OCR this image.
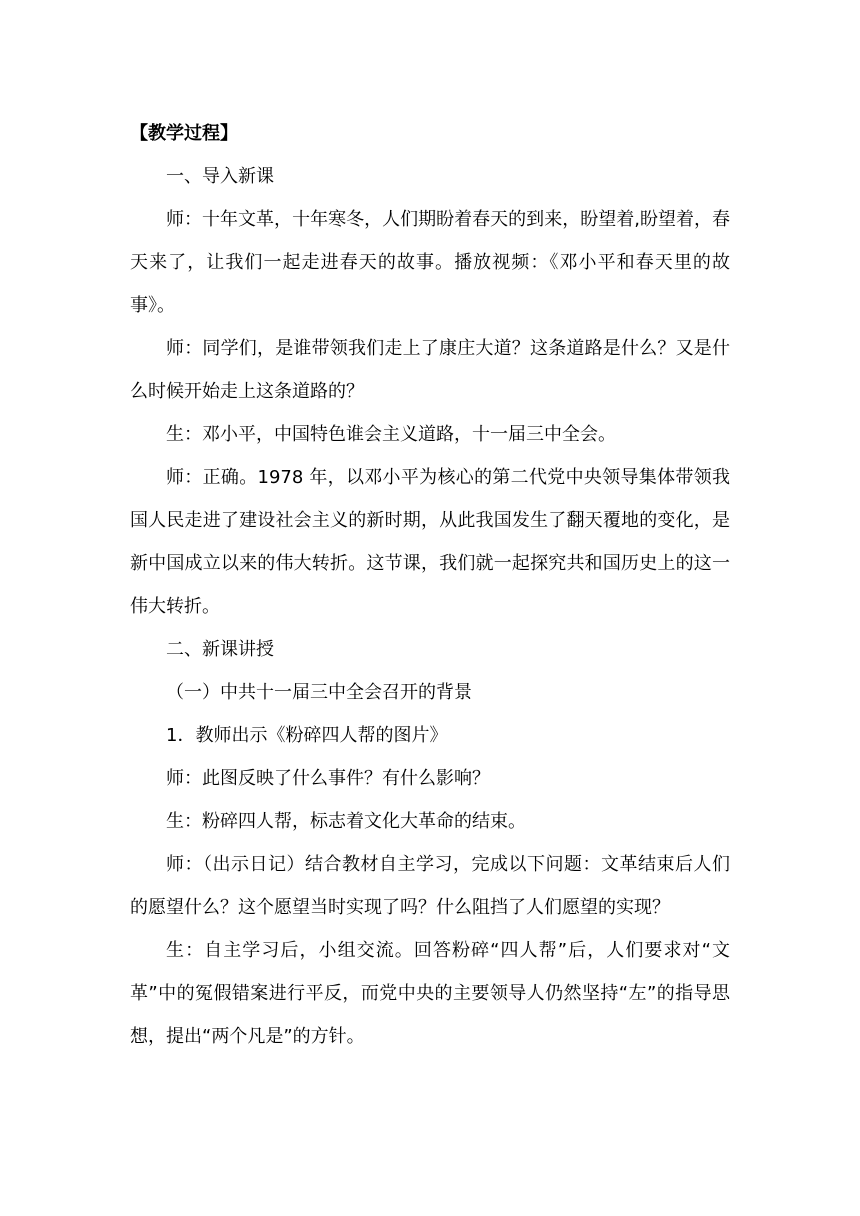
【教学过程】

一、导入新课

师：十年文革，十年寒冬，人们期盼着春天的到来，盼望着,盼望着，春天来了，让我们一起走进春天的故事。播放视频：《邓小平和春天里的故事》。

师：同学们，是谁带领我们走上了康庄大道？这条道路是什么？又是什么时候开始走上这条道路的？

生：邓小平，中国特色谁会主义道路，十一届三中全会。

师：正确。1978 年，以邓小平为核心的第二代党中央领导集体带领我国人民走进了建设社会主义的新时期，从此我国发生了翻天覆地的变化，是新中国成立以来的伟大转折。这节课，我们就一起探究共和国历史上的这一伟大转折。

二、新课讲授

（一）中共十一届三中全会召开的背景

1．教师出示《粉碎四人帮的图片》

师：此图反映了什么事件？有什么影响？

生：粉碎四人帮，标志着文化大革命的结束。

师：（出示日记）结合教材自主学习，完成以下问题：文革结束后人们的愿望什么？这个愿望当时实现了吗？什么阻挡了人们愿望的实现？

生：自主学习后，小组交流。回答粉碎“四人帮”后，人们要求对“文革”中的冤假错案进行平反，而党中央的主要领导人仍然坚持“左”的指导思想，提出“两个凡是”的方针。
